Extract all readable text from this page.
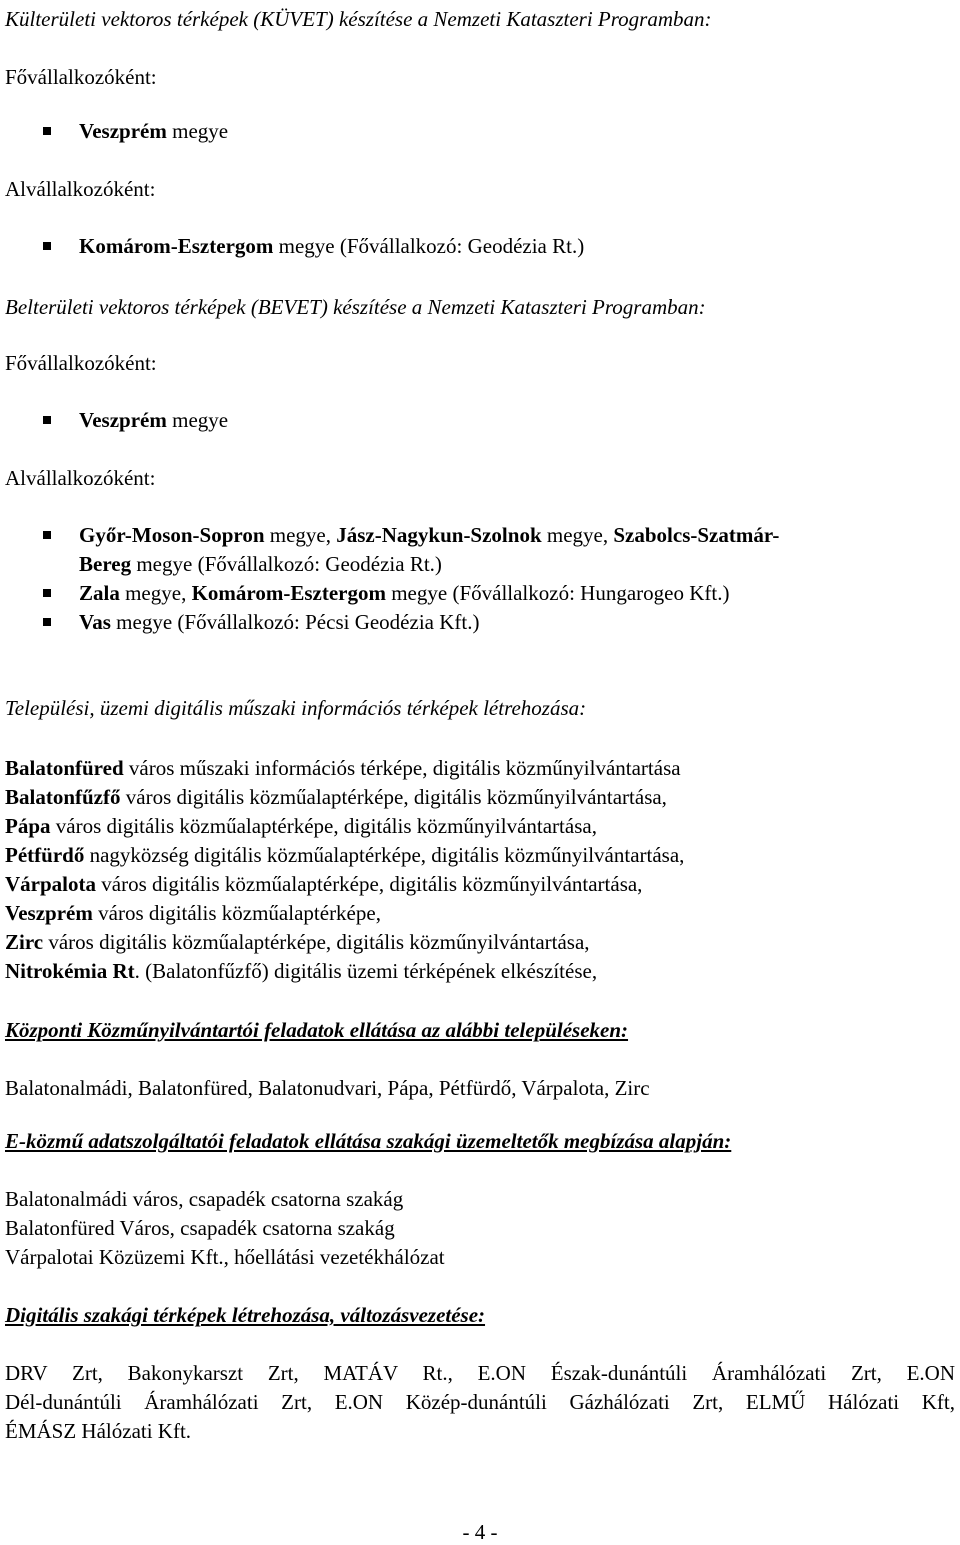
Külterületi vektoros térképek (KÜVET) készítése a Nemzeti Kataszteri Programban:
Fővállalkozóként:
Veszprém megye
Alvállalkozóként:
Komárom-Esztergom megye (Fővállalkozó: Geodézia Rt.)
Belterületi vektoros térképek (BEVET) készítése a Nemzeti Kataszteri Programban:
Fővállalkozóként:
Veszprém megye
Alvállalkozóként:
Győr-Moson-Sopron megye, Jász-Nagykun-Szolnok megye, Szabolcs-Szatmár-
Bereg megye (Fővállalkozó: Geodézia Rt.)
Zala megye, Komárom-Esztergom megye (Fővállalkozó: Hungarogeo Kft.)
Vas megye (Fővállalkozó: Pécsi Geodézia Kft.)
Települési, üzemi digitális műszaki információs térképek létrehozása:
Balatonfüred város műszaki információs térképe, digitális közműnyilvántartása
Balatonfűzfő város digitális közműalaptérképe, digitális közműnyilvántartása,
Pápa város digitális közműalaptérképe, digitális közműnyilvántartása,
Pétfürdő nagyközség digitális közműalaptérképe, digitális közműnyilvántartása,
Várpalota város digitális közműalaptérképe, digitális közműnyilvántartása,
Veszprém város digitális közműalaptérképe,
Zirc város digitális közműalaptérképe, digitális közműnyilvántartása,
Nitrokémia Rt. (Balatonfűzfő) digitális üzemi térképének elkészítése,
Központi Közműnyilvántartói feladatok ellátása az alábbi településeken:
Balatonalmádi, Balatonfüred, Balatonudvari, Pápa, Pétfürdő, Várpalota, Zirc
E-közmű adatszolgáltatói feladatok ellátása szakági üzemeltetők megbízása alapján:
Balatonalmádi város, csapadék csatorna szakág
Balatonfüred Város, csapadék csatorna szakág
Várpalotai Közüzemi Kft., hőellátási vezetékhálózat
Digitális szakági térképek létrehozása, változásvezetése:
DRV Zrt, Bakonykarszt Zrt, MATÁV Rt., E.ON Észak-dunántúli Áramhálózati Zrt, E.ON
Dél-dunántúli Áramhálózati Zrt, E.ON Közép-dunántúli Gázhálózati Zrt, ELMŰ Hálózati Kft,
ÉMÁSZ Hálózati Kft.
- 4 -
